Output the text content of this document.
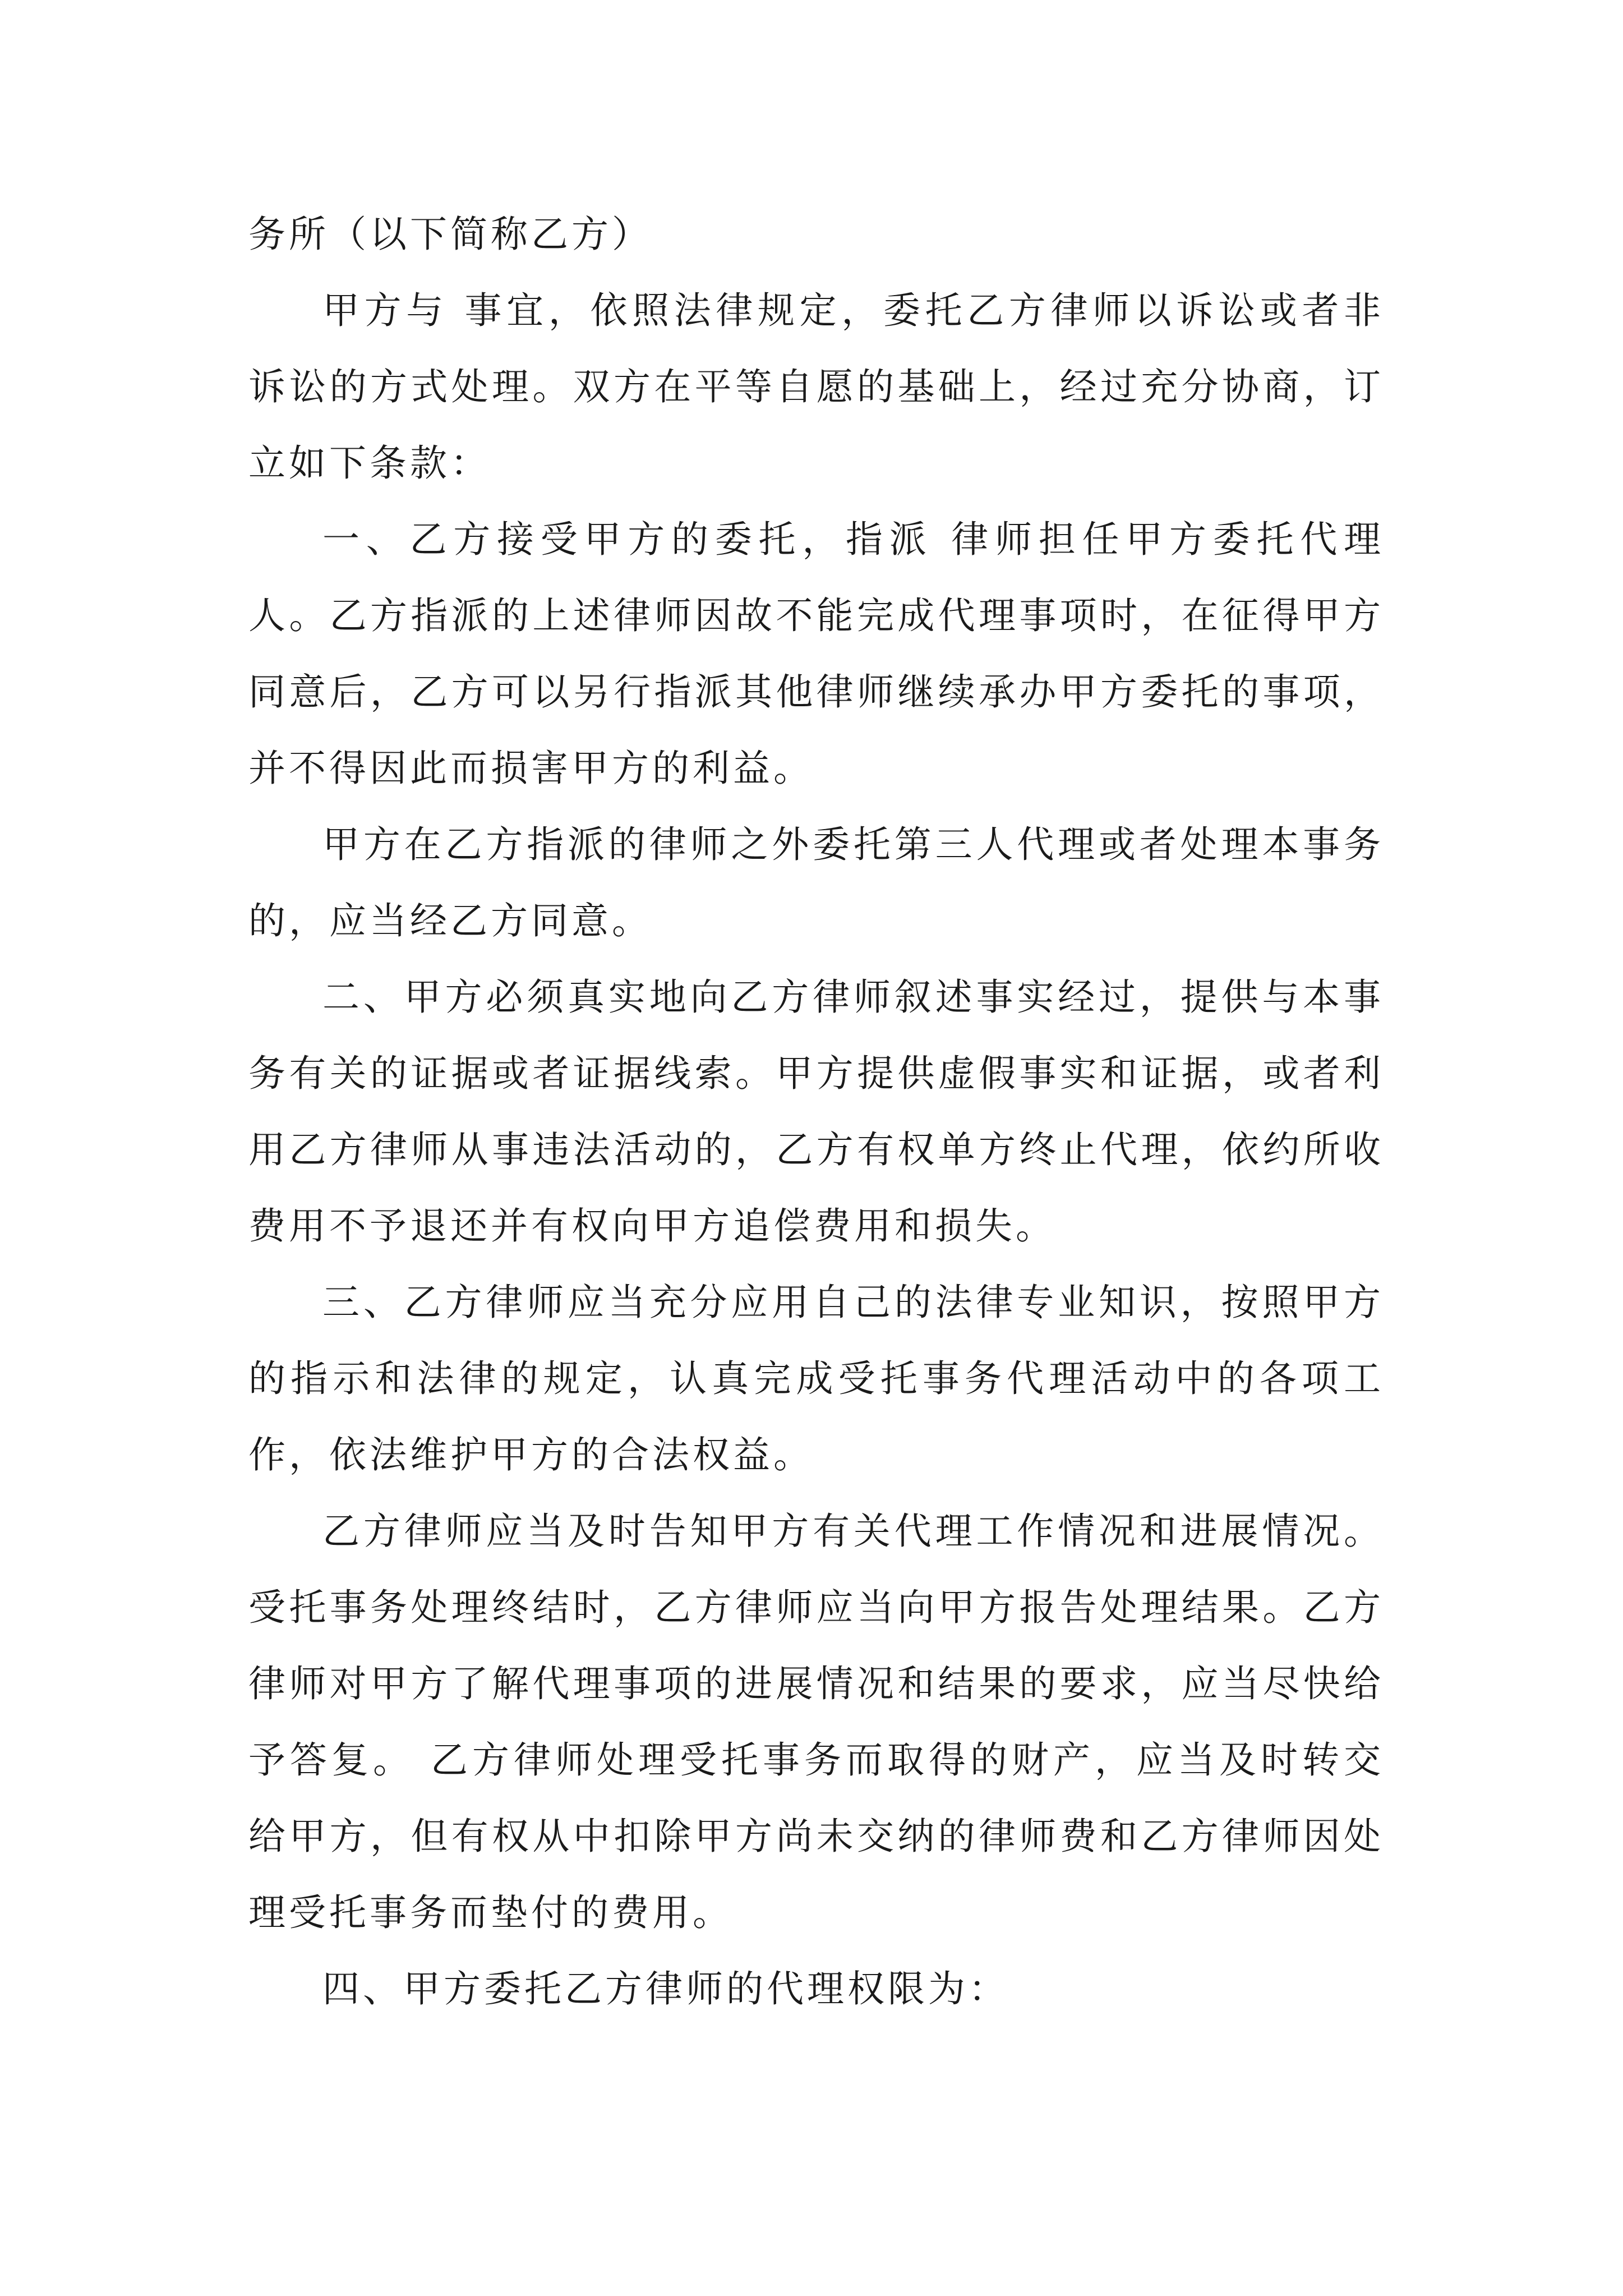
务所（以下简称乙方）

甲方与 事宜，依照法律规定，委托乙方律师以诉讼或者非诉讼的方式处理。双方在平等自愿的基础上，经过充分协商，订立如下条款：

一、乙方接受甲方的委托，指派 律师担任甲方委托代理人。乙方指派的上述律师因故不能完成代理事项时，在征得甲方同意后，乙方可以另行指派其他律师继续承办甲方委托的事项，并不得因此而损害甲方的利益。

甲方在乙方指派的律师之外委托第三人代理或者处理本事务的，应当经乙方同意。

二、甲方必须真实地向乙方律师叙述事实经过，提供与本事务有关的证据或者证据线索。甲方提供虚假事实和证据，或者利用乙方律师从事违法活动的，乙方有权单方终止代理，依约所收费用不予退还并有权向甲方追偿费用和损失。

三、乙方律师应当充分应用自己的法律专业知识，按照甲方的指示和法律的规定，认真完成受托事务代理活动中的各项工作，依法维护甲方的合法权益。

乙方律师应当及时告知甲方有关代理工作情况和进展情况。受托事务处理终结时，乙方律师应当向甲方报告处理结果。乙方律师对甲方了解代理事项的进展情况和结果的要求，应当尽快给予答复。 乙方律师处理受托事务而取得的财产，应当及时转交给甲方，但有权从中扣除甲方尚未交纳的律师费和乙方律师因处理受托事务而垫付的费用。

四、甲方委托乙方律师的代理权限为：
